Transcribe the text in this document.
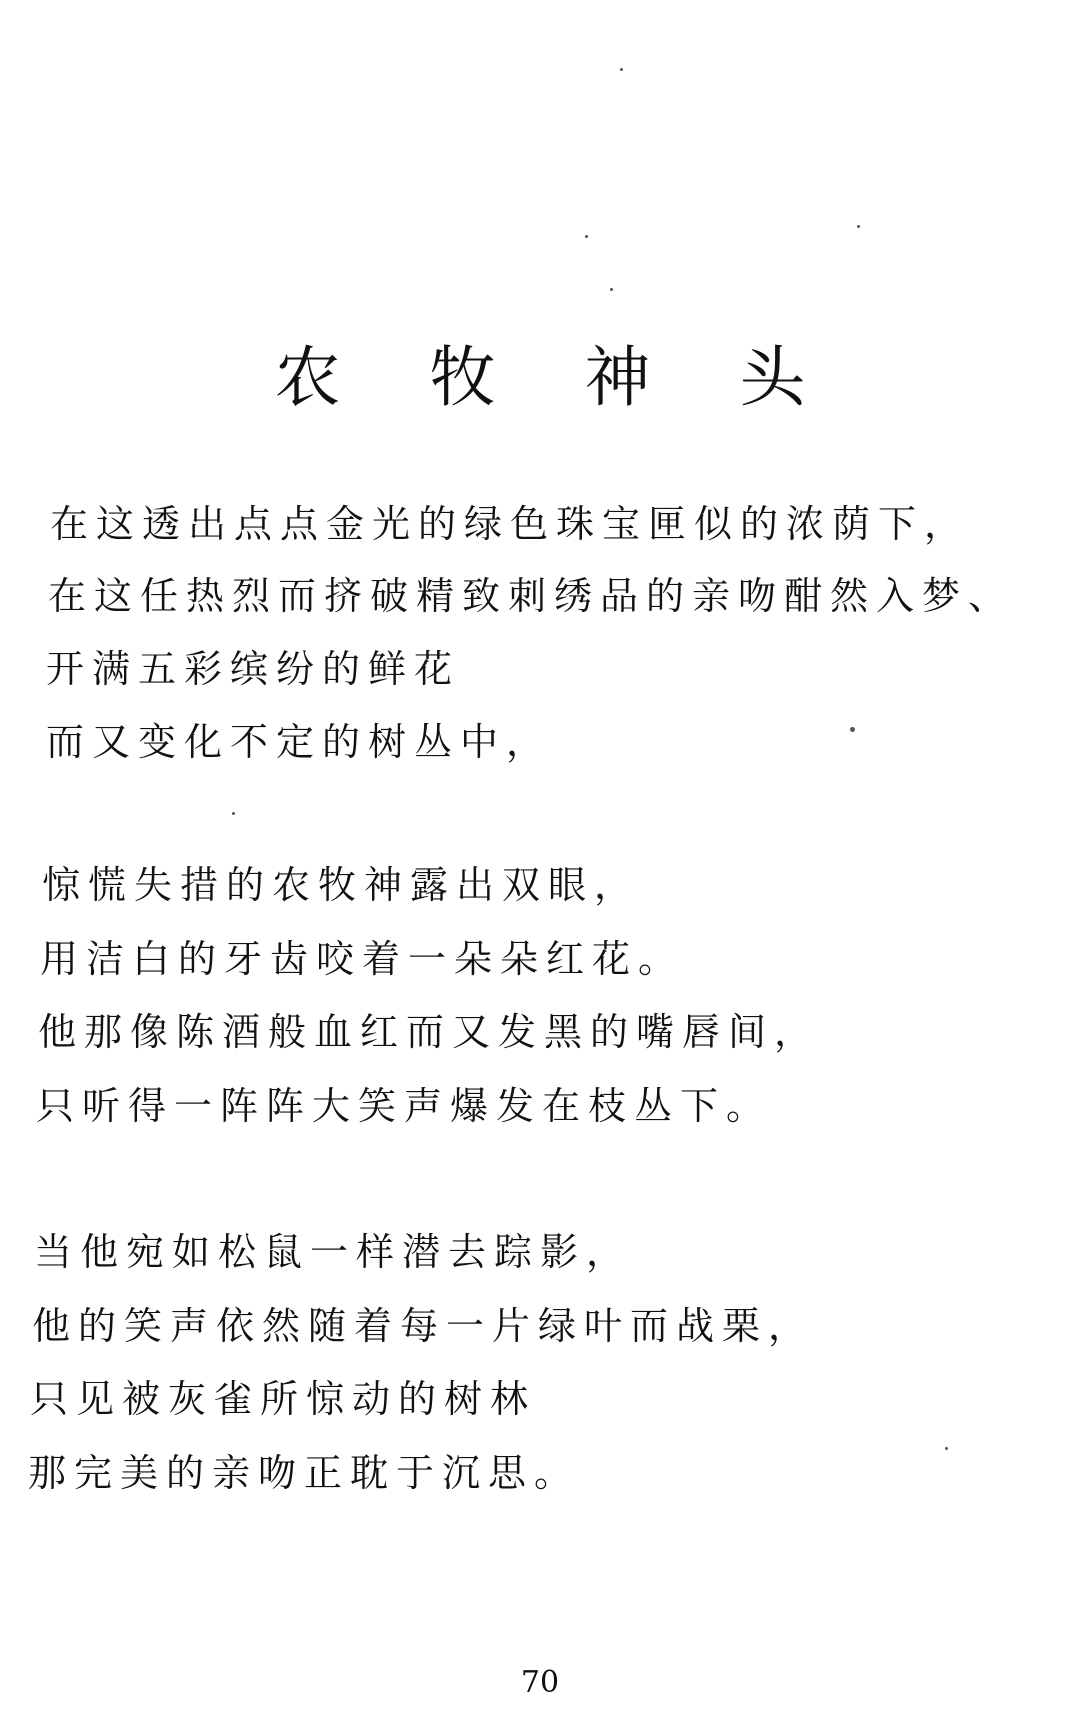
农 牧 神 头
在这透出点点金光的绿色珠宝匣似的浓荫下，
在这任热烈而挤破精致刺绣品的亲吻酣然入梦、
开满五彩缤纷的鲜花
而又变化不定的树丛中，
惊慌失措的农牧神露出双眼，
用洁白的牙齿咬着一朵朵红花。
他那像陈酒般血红而又发黑的嘴唇间，
只听得一阵阵大笑声爆发在枝丛下。
当他宛如松鼠一样潜去踪影，
他的笑声依然随着每一片绿叶而战栗，
只见被灰雀所惊动的树林
那完美的亲吻正耽于沉思。
70
